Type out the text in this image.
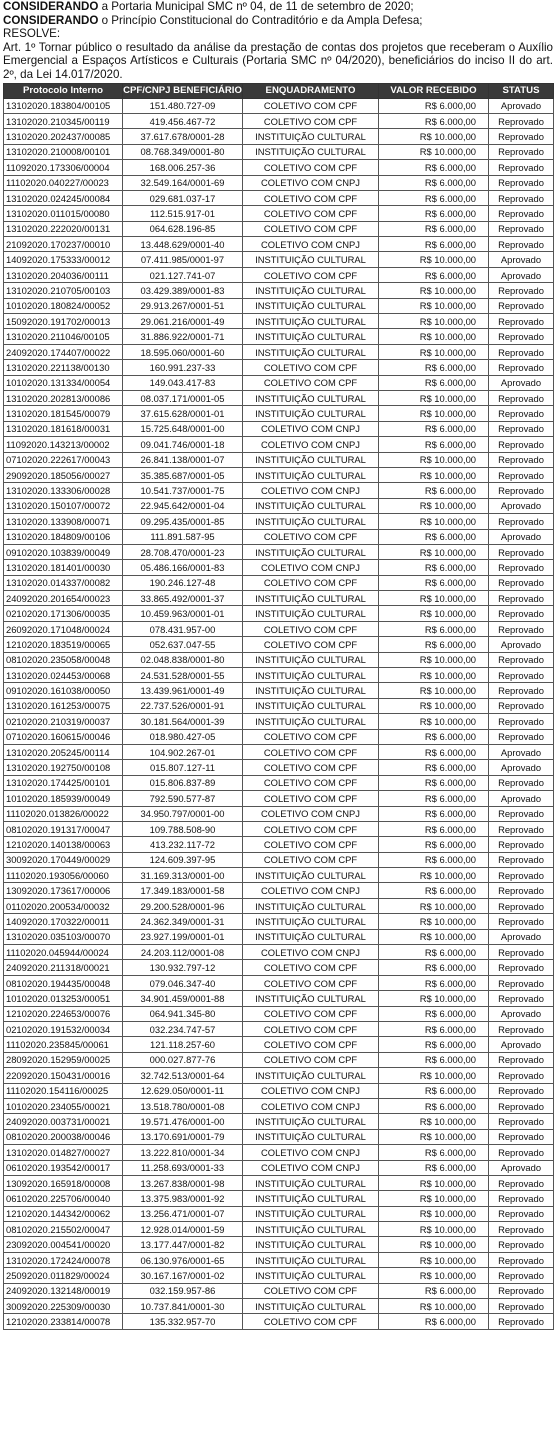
CONSIDERANDO a Portaria Municipal SMC nº 04, de 11 de setembro de 2020;

CONSIDERANDO o Princípio Constitucional do Contraditório e da Ampla Defesa;

RESOLVE:

Art. 1º Tornar público o resultado da análise da prestação de contas dos projetos que receberam o Auxílio Emergencial a Espaços Artísticos e Culturais (Portaria SMC nº 04/2020), beneficiários do inciso II do art. 2º, da Lei 14.017/2020.

Protocolo Interno	CPF/CNPJ BENEFICIÁRIO	ENQUADRAMENTO	VALOR RECEBIDO	STATUS
13102020.183804/00105	151.480.727-09	COLETIVO COM CPF	R$ 6.000,00	Aprovado
13102020.210345/00119	419.456.467-72	COLETIVO COM CPF	R$ 6.000,00	Reprovado
13102020.202437/00085	37.617.678/0001-28	INSTITUIÇÃO CULTURAL	R$ 10.000,00	Reprovado
13102020.210008/00101	08.768.349/0001-80	INSTITUIÇÃO CULTURAL	R$ 10.000,00	Reprovado
11092020.173306/00004	168.006.257-36	COLETIVO COM CPF	R$ 6.000,00	Reprovado
11102020.040227/00023	32.549.164/0001-69	COLETIVO COM CNPJ	R$ 6.000,00	Reprovado
13102020.024245/00084	029.681.037-17	COLETIVO COM CPF	R$ 6.000,00	Reprovado
13102020.011015/00080	112.515.917-01	COLETIVO COM CPF	R$ 6.000,00	Reprovado
13102020.222020/00131	064.628.196-85	COLETIVO COM CPF	R$ 6.000,00	Reprovado
21092020.170237/00010	13.448.629/0001-40	COLETIVO COM CNPJ	R$ 6.000,00	Reprovado
14092020.175333/00012	07.411.985/0001-97	INSTITUIÇÃO CULTURAL	R$ 10.000,00	Aprovado
13102020.204036/00111	021.127.741-07	COLETIVO COM CPF	R$ 6.000,00	Aprovado
13102020.210705/00103	03.429.389/0001-83	INSTITUIÇÃO CULTURAL	R$ 10.000,00	Reprovado
10102020.180824/00052	29.913.267/0001-51	INSTITUIÇÃO CULTURAL	R$ 10.000,00	Reprovado
15092020.191702/00013	29.061.216/0001-49	INSTITUIÇÃO CULTURAL	R$ 10.000,00	Reprovado
13102020.211046/00105	31.886.922/0001-71	INSTITUIÇÃO CULTURAL	R$ 10.000,00	Reprovado
24092020.174407/00022	18.595.060/0001-60	INSTITUIÇÃO CULTURAL	R$ 10.000,00	Reprovado
13102020.221138/00130	160.991.237-33	COLETIVO COM CPF	R$ 6.000,00	Reprovado
10102020.131334/00054	149.043.417-83	COLETIVO COM CPF	R$ 6.000,00	Aprovado
13102020.202813/00086	08.037.171/0001-05	INSTITUIÇÃO CULTURAL	R$ 10.000,00	Reprovado
13102020.181545/00079	37.615.628/0001-01	INSTITUIÇÃO CULTURAL	R$ 10.000,00	Reprovado
13102020.181618/00031	15.725.648/0001-00	COLETIVO COM CNPJ	R$ 6.000,00	Reprovado
11092020.143213/00002	09.041.746/0001-18	COLETIVO COM CNPJ	R$ 6.000,00	Reprovado
07102020.222617/00043	26.841.138/0001-07	INSTITUIÇÃO CULTURAL	R$ 10.000,00	Reprovado
29092020.185056/00027	35.385.687/0001-05	INSTITUIÇÃO CULTURAL	R$ 10.000,00	Reprovado
13102020.133306/00028	10.541.737/0001-75	COLETIVO COM CNPJ	R$ 6.000,00	Reprovado
13102020.150107/00072	22.945.642/0001-04	INSTITUIÇÃO CULTURAL	R$ 10.000,00	Aprovado
13102020.133908/00071	09.295.435/0001-85	INSTITUIÇÃO CULTURAL	R$ 10.000,00	Reprovado
13102020.184809/00106	111.891.587-95	COLETIVO COM CPF	R$ 6.000,00	Aprovado
09102020.103839/00049	28.708.470/0001-23	INSTITUIÇÃO CULTURAL	R$ 10.000,00	Reprovado
13102020.181401/00030	05.486.166/0001-83	COLETIVO COM CNPJ	R$ 6.000,00	Reprovado
13102020.014337/00082	190.246.127-48	COLETIVO COM CPF	R$ 6.000,00	Reprovado
24092020.201654/00023	33.865.492/0001-37	INSTITUIÇÃO CULTURAL	R$ 10.000,00	Reprovado
02102020.171306/00035	10.459.963/0001-01	INSTITUIÇÃO CULTURAL	R$ 10.000,00	Reprovado
26092020.171048/00024	078.431.957-00	COLETIVO COM CPF	R$ 6.000,00	Reprovado
12102020.183519/00065	052.637.047-55	COLETIVO COM CPF	R$ 6.000,00	Aprovado
08102020.235058/00048	02.048.838/0001-80	INSTITUIÇÃO CULTURAL	R$ 10.000,00	Reprovado
13102020.024453/00068	24.531.528/0001-55	INSTITUIÇÃO CULTURAL	R$ 10.000,00	Reprovado
09102020.161038/00050	13.439.961/0001-49	INSTITUIÇÃO CULTURAL	R$ 10.000,00	Reprovado
13102020.161253/00075	22.737.526/0001-91	INSTITUIÇÃO CULTURAL	R$ 10.000,00	Reprovado
02102020.210319/00037	30.181.564/0001-39	INSTITUIÇÃO CULTURAL	R$ 10.000,00	Reprovado
07102020.160615/00046	018.980.427-05	COLETIVO COM CPF	R$ 6.000,00	Reprovado
13102020.205245/00114	104.902.267-01	COLETIVO COM CPF	R$ 6.000,00	Aprovado
13102020.192750/00108	015.807.127-11	COLETIVO COM CPF	R$ 6.000,00	Aprovado
13102020.174425/00101	015.806.837-89	COLETIVO COM CPF	R$ 6.000,00	Reprovado
10102020.185939/00049	792.590.577-87	COLETIVO COM CPF	R$ 6.000,00	Aprovado
11102020.013826/00022	34.950.797/0001-00	COLETIVO COM CNPJ	R$ 6.000,00	Reprovado
08102020.191317/00047	109.788.508-90	COLETIVO COM CPF	R$ 6.000,00	Reprovado
12102020.140138/00063	413.232.117-72	COLETIVO COM CPF	R$ 6.000,00	Reprovado
30092020.170449/00029	124.609.397-95	COLETIVO COM CPF	R$ 6.000,00	Reprovado
11102020.193056/00060	31.169.313/0001-00	INSTITUIÇÃO CULTURAL	R$ 10.000,00	Reprovado
13092020.173617/00006	17.349.183/0001-58	COLETIVO COM CNPJ	R$ 6.000,00	Reprovado
01102020.200534/00032	29.200.528/0001-96	INSTITUIÇÃO CULTURAL	R$ 10.000,00	Reprovado
14092020.170322/00011	24.362.349/0001-31	INSTITUIÇÃO CULTURAL	R$ 10.000,00	Reprovado
13102020.035103/00070	23.927.199/0001-01	INSTITUIÇÃO CULTURAL	R$ 10.000,00	Aprovado
11102020.045944/00024	24.203.112/0001-08	COLETIVO COM CNPJ	R$ 6.000,00	Reprovado
24092020.211318/00021	130.932.797-12	COLETIVO COM CPF	R$ 6.000,00	Reprovado
08102020.194435/00048	079.046.347-40	COLETIVO COM CPF	R$ 6.000,00	Reprovado
10102020.013253/00051	34.901.459/0001-88	INSTITUIÇÃO CULTURAL	R$ 10.000,00	Reprovado
12102020.224653/00076	064.941.345-80	COLETIVO COM CPF	R$ 6.000,00	Aprovado
02102020.191532/00034	032.234.747-57	COLETIVO COM CPF	R$ 6.000,00	Reprovado
11102020.235845/00061	121.118.257-60	COLETIVO COM CPF	R$ 6.000,00	Aprovado
28092020.152959/00025	000.027.877-76	COLETIVO COM CPF	R$ 6.000,00	Reprovado
22092020.150431/00016	32.742.513/0001-64	INSTITUIÇÃO CULTURAL	R$ 10.000,00	Reprovado
11102020.154116/00025	12.629.050/0001-11	COLETIVO COM CNPJ	R$ 6.000,00	Reprovado
10102020.234055/00021	13.518.780/0001-08	COLETIVO COM CNPJ	R$ 6.000,00	Reprovado
24092020.003731/00021	19.571.476/0001-00	INSTITUIÇÃO CULTURAL	R$ 10.000,00	Reprovado
08102020.200038/00046	13.170.691/0001-79	INSTITUIÇÃO CULTURAL	R$ 10.000,00	Reprovado
13102020.014827/00027	13.222.810/0001-34	COLETIVO COM CNPJ	R$ 6.000,00	Reprovado
06102020.193542/00017	11.258.693/0001-33	COLETIVO COM CNPJ	R$ 6.000,00	Aprovado
13092020.165918/00008	13.267.838/0001-98	INSTITUIÇÃO CULTURAL	R$ 10.000,00	Reprovado
06102020.225706/00040	13.375.983/0001-92	INSTITUIÇÃO CULTURAL	R$ 10.000,00	Reprovado
12102020.144342/00062	13.256.471/0001-07	INSTITUIÇÃO CULTURAL	R$ 10.000,00	Reprovado
08102020.215502/00047	12.928.014/0001-59	INSTITUIÇÃO CULTURAL	R$ 10.000,00	Reprovado
23092020.004541/00020	13.177.447/0001-82	INSTITUIÇÃO CULTURAL	R$ 10.000,00	Reprovado
13102020.172424/00078	06.130.976/0001-65	INSTITUIÇÃO CULTURAL	R$ 10.000,00	Reprovado
25092020.011829/00024	30.167.167/0001-02	INSTITUIÇÃO CULTURAL	R$ 10.000,00	Reprovado
24092020.132148/00019	032.159.957-86	COLETIVO COM CPF	R$ 6.000,00	Reprovado
30092020.225309/00030	10.737.841/0001-30	INSTITUIÇÃO CULTURAL	R$ 10.000,00	Reprovado
12102020.233814/00078	135.332.957-70	COLETIVO COM CPF	R$ 6.000,00	Reprovado
